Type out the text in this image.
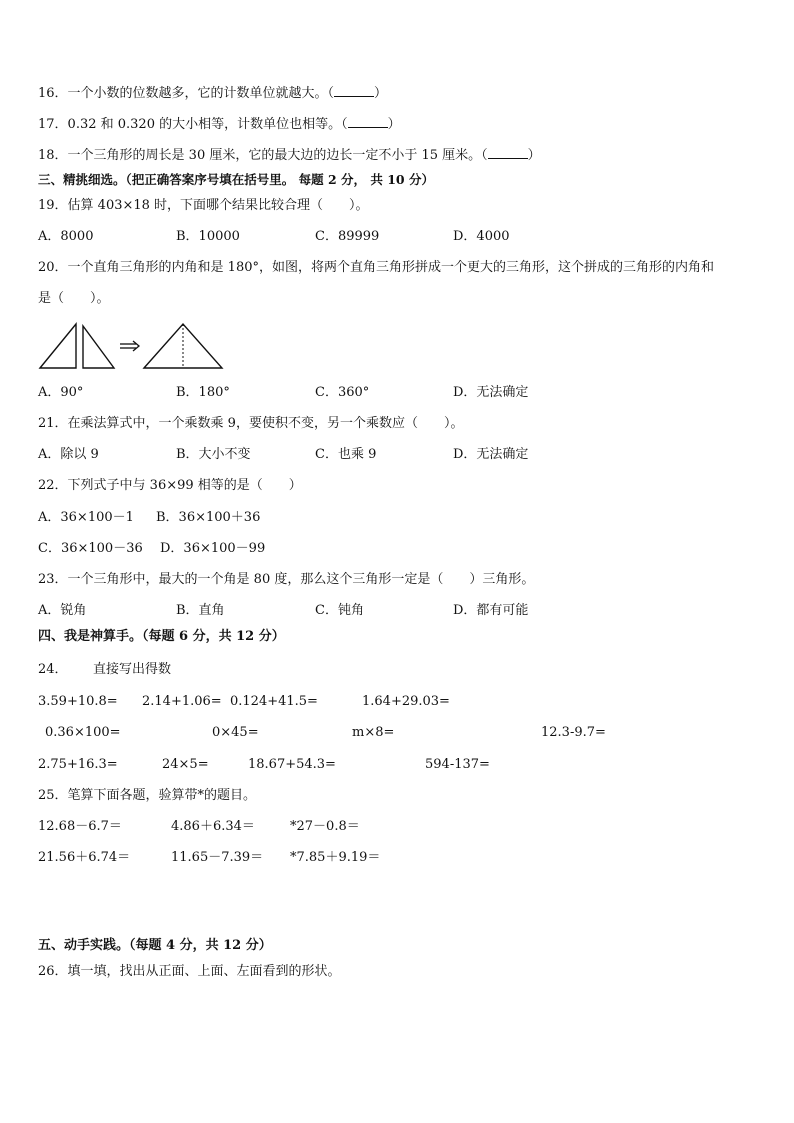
16．一个小数的位数越多，它的计数单位就越大。（	）
17．0.32 和 0.320 的大小相等，计数单位也相等。（	）
18．一个三角形的周长是 30 厘米，它的最大边的边长一定不小于 15 厘米。（	）
三、精挑细选。（把正确答案序号填在括号里。 每题 2 分， 共 10 分）
19．估算 403×18 时，下面哪个结果比较合理（　　）。
A．8000	B．10000	C．89999	D．4000
20．一个直角三角形的内角和是 180°，如图，将两个直角三角形拼成一个更大的三角形，这个拼成的三角形的内角和
是（　　）。
A．90°	B．180°	C．360°	D．无法确定
21．在乘法算式中，一个乘数乘 9，要使积不变，另一个乘数应（　　）。
A．除以 9	B．大小不变	C．也乘 9	D．无法确定
22．下列式子中与 36×99 相等的是（　　）
A．36×100－1 B．36×100＋36
C．36×100－36 D．36×100－99
23．一个三角形中，最大的一个角是 80 度，那么这个三角形一定是（　　）三角形。
A．锐角	B．直角	C．钝角	D．都有可能
四、我是神算手。（每题 6 分，共 12 分）
24． 直接写出得数
3.59+10.8= 2.14+1.06= 0.124+41.5=	1.64+29.03=
0.36×100=	0×45=	m×8=	12.3-9.7=
2.75+16.3=	24×5=	18.67+54.3=	594-137=
25．笔算下面各题，验算带*的题目。
12.68－6.7＝	4.86＋6.34＝	*27－0.8＝
21.56＋6.74＝	11.65－7.39＝ *7.85＋9.19＝
五、动手实践。（每题 4 分，共 12 分）
26．填一填，找出从正面、上面、左面看到的形状。
